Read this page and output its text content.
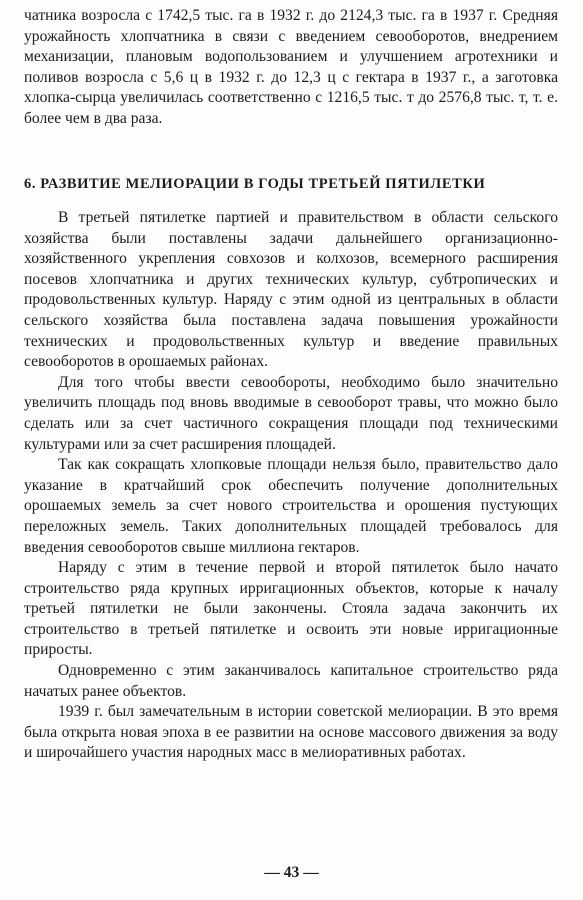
чатника возросла с 1742,5 тыс. га в 1932 г. до 2124,3 тыс. га в 1937 г. Средняя урожайность хлопчатника в связи с введением севооборотов, внедрением механизации, плановым водопользованием и улучшением агротехники и поливов возросла с 5,6 ц в 1932 г. до 12,3 ц с гектара в 1937 г., а заготовка хлопка-сырца увеличилась соответственно с 1216,5 тыс. т до 2576,8 тыс. т, т. е. более чем в два раза.

6. РАЗВИТИЕ МЕЛИОРАЦИИ В ГОДЫ ТРЕТЬЕЙ ПЯТИЛЕТКИ

В третьей пятилетке партией и правительством в области сельского хозяйства были поставлены задачи дальнейшего организационно-хозяйственного укрепления совхозов и колхозов, всемерного расширения посевов хлопчатника и других технических культур, субтропических и продовольственных культур. Наряду с этим одной из центральных в области сельского хозяйства была поставлена задача повышения урожайности технических и продовольственных культур и введение правильных севооборотов в орошаемых районах.

Для того чтобы ввести севообороты, необходимо было значительно увеличить площадь под вновь вводимые в севооборот травы, что можно было сделать или за счет частичного сокращения площади под техническими культурами или за счет расширения площадей.

Так как сокращать хлопковые площади нельзя было, правительство дало указание в кратчайший срок обеспечить получение дополнительных орошаемых земель за счет нового строительства и орошения пустующих переложных земель. Таких дополнительных площадей требовалось для введения севооборотов свыше миллиона гектаров.

Наряду с этим в течение первой и второй пятилеток было начато строительство ряда крупных ирригационных объектов, которые к началу третьей пятилетки не были закончены. Стояла задача закончить их строительство в третьей пятилетке и освоить эти новые ирригационные приросты.

Одновременно с этим заканчивалось капитальное строительство ряда начатых ранее объектов.

1939 г. был замечательным в истории советской мелиорации. В это время была открыта новая эпоха в ее развитии на основе массового движения за воду и широчайшего участия народных масс в мелиоративных работах.

— 43 —
